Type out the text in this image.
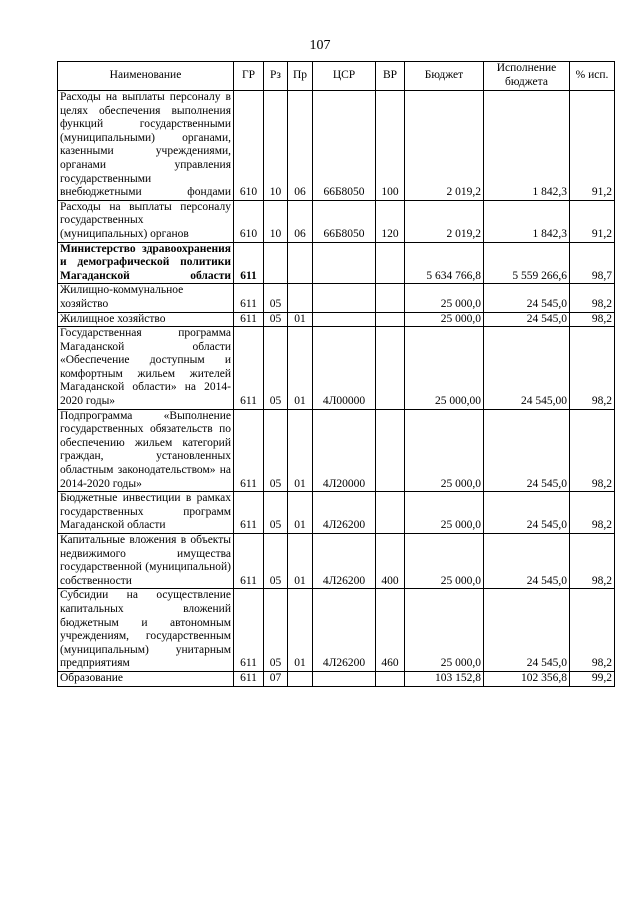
107
Наименование	ГР	Рз	Пр	ЦСР	ВР	Бюджет	Исполнение бюджета	% исп.
Расходы на выплаты персоналу в целях обеспечения выполнения функций государственными (муниципальными) органами, казенными учреждениями, органами управления государственными внебюджетными фондами	610	10	06	66Б8050	100	2 019,2	1 842,3	91,2
Расходы на выплаты персоналу государственных (муниципальных) органов	610	10	06	66Б8050	120	2 019,2	1 842,3	91,2
Министерство здравоохранения и демографической политики Магаданской области	611					5 634 766,8	5 559 266,6	98,7
Жилищно-коммунальное хозяйство	611	05				25 000,0	24 545,0	98,2
Жилищное хозяйство	611	05	01			25 000,0	24 545,0	98,2
Государственная программа Магаданской области «Обеспечение доступным и комфортным жильем жителей Магаданской области» на 2014-2020 годы»	611	05	01	4Л00000		25 000,00	24 545,00	98,2
Подпрограмма «Выполнение государственных обязательств по обеспечению жильем категорий граждан, установленных областным законодательством» на 2014-2020 годы»	611	05	01	4Л20000		25 000,0	24 545,0	98,2
Бюджетные инвестиции в рамках государственных программ Магаданской области	611	05	01	4Л26200		25 000,0	24 545,0	98,2
Капитальные вложения в объекты недвижимого имущества государственной (муниципальной) собственности	611	05	01	4Л26200	400	25 000,0	24 545,0	98,2
Субсидии на осуществление капитальных вложений бюджетным и автономным учреждениям, государственным (муниципальным) унитарным предприятиям	611	05	01	4Л26200	460	25 000,0	24 545,0	98,2
Образование	611	07				103 152,8	102 356,8	99,2
